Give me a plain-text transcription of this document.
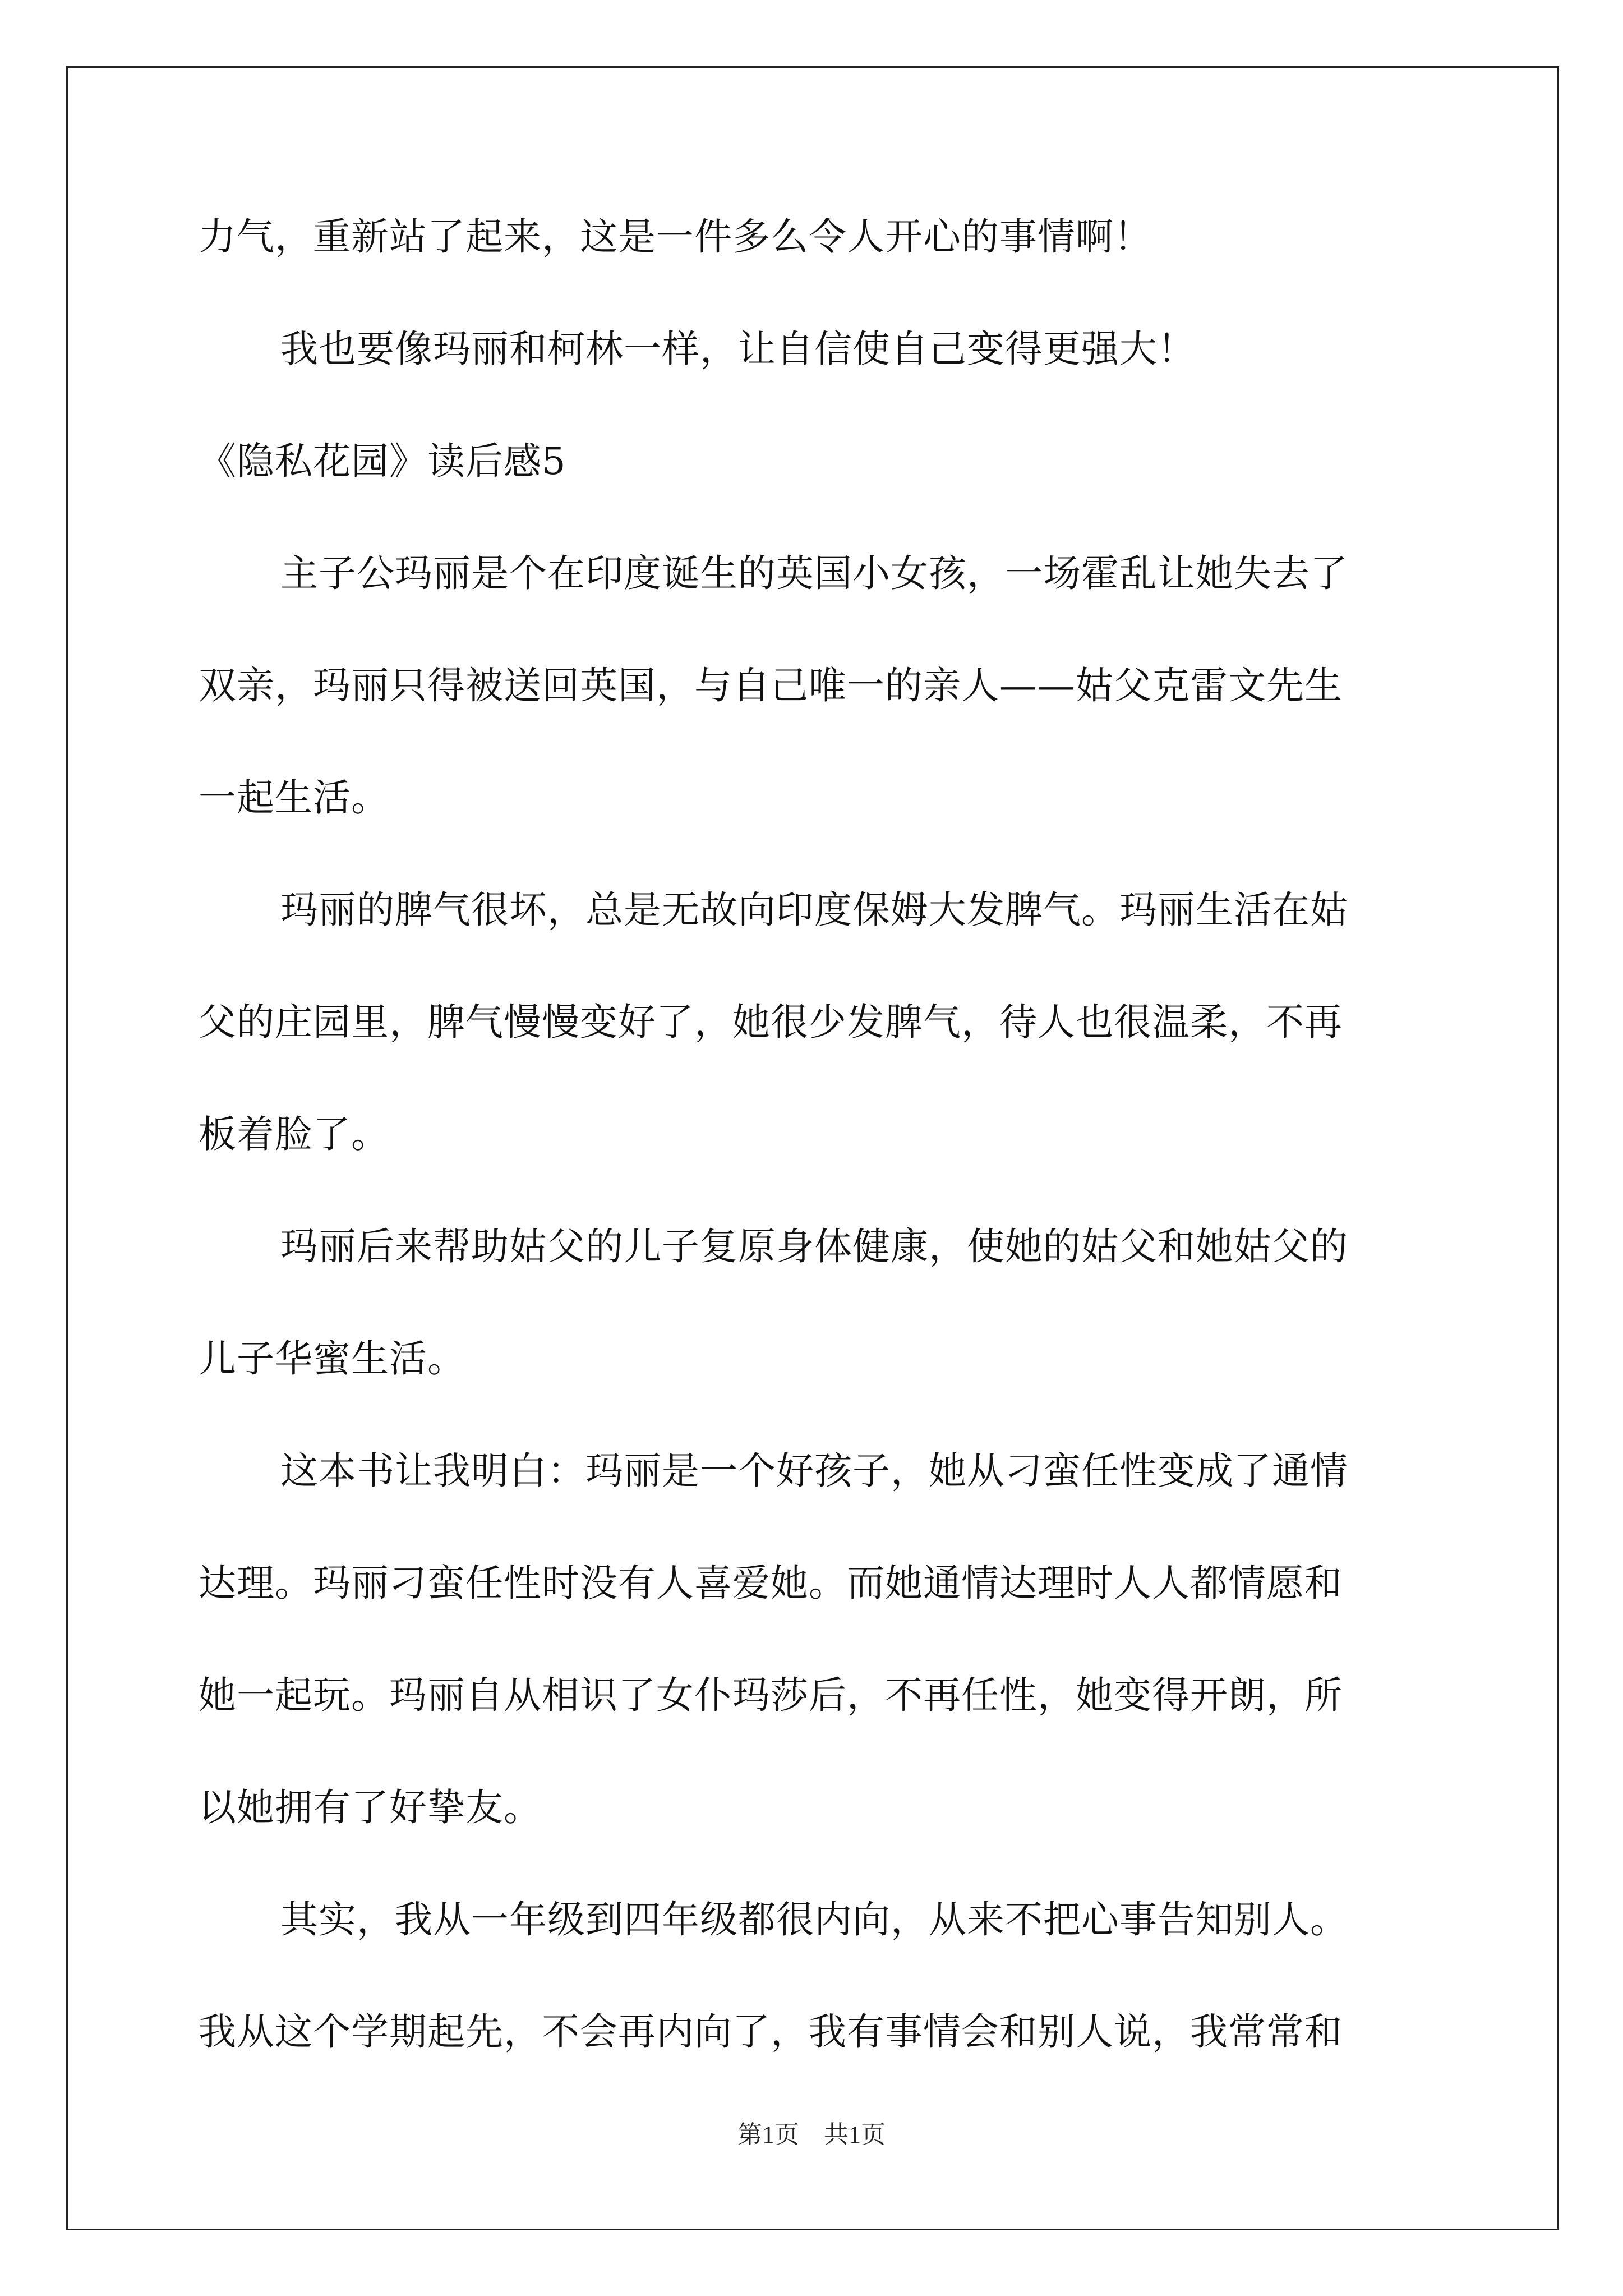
力气，重新站了起来，这是一件多么令人开心的事情啊！
我也要像玛丽和柯林一样，让自信使自己变得更强大！
《隐私花园》读后感5
主子公玛丽是个在印度诞生的英国小女孩，一场霍乱让她失去了
双亲，玛丽只得被送回英国，与自己唯一的亲人——姑父克雷文先生
一起生活。
玛丽的脾气很坏，总是无故向印度保姆大发脾气。玛丽生活在姑
父的庄园里，脾气慢慢变好了，她很少发脾气，待人也很温柔，不再
板着脸了。
玛丽后来帮助姑父的儿子复原身体健康，使她的姑父和她姑父的
儿子华蜜生活。
这本书让我明白：玛丽是一个好孩子，她从刁蛮任性变成了通情
达理。玛丽刁蛮任性时没有人喜爱她。而她通情达理时人人都情愿和
她一起玩。玛丽自从相识了女仆玛莎后，不再任性，她变得开朗，所
以她拥有了好挚友。
其实，我从一年级到四年级都很内向，从来不把心事告知别人。
我从这个学期起先，不会再内向了，我有事情会和别人说，我常常和
第1页　共1页
